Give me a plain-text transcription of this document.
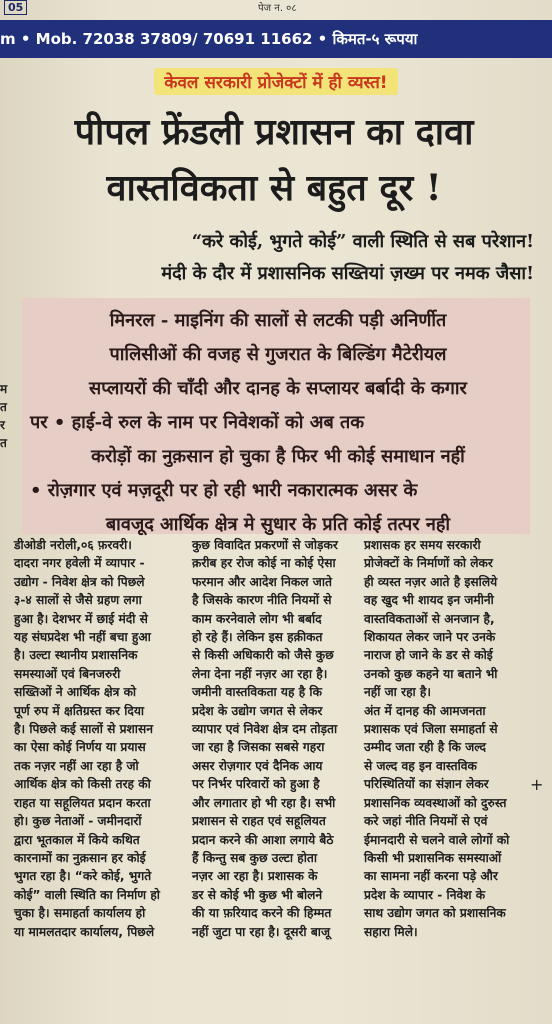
05	पेज न. ०८
m • Mob. 72038 37809/ 70691 11662 • किमत-५ रूपया
केवल सरकारी प्रोजेक्टों में ही व्यस्त!
पीपल फ्रेंडली प्रशासन का दावा
वास्तविकता से बहुत दूर !
“करे कोई, भुगते कोई” वाली स्थिति से सब परेशान!
मंदी के दौर में प्रशासनिक सख्तियां ज़ख्म पर नमक जैसा!
मिनरल - माइनिंग की सालों से लटकी पड़ी अनिर्णीत
पालिसीओं की वजह से गुजरात के बिल्डिंग मैटेरीयल
सप्लायरों की चाँदी और दानह के सप्लायर बर्बादी के कगार
पर • हाई-वे रुल के नाम पर निवेशकों को अब तक
करोड़ों का नुक़सान हो चुका है फिर भी कोई समाधान नहीं
• रोज़गार एवं मज़दूरी पर हो रही भारी नकारात्मक असर के
बावजूद आर्थिक क्षेत्र मे सुधार के प्रति कोई तत्पर नही
म
त
र
त

डीओडी नरोली,०६ फ़रवरी।

दादरा नगर हवेली में व्यापार -

उद्योग - निवेश क्षेत्र को पिछले

३-४ सालों से जैसे ग्रहण लगा

हुआ है। देशभर में छाई मंदी से

यह संघप्रदेश भी नहीं बचा हुआ

है। उल्टा स्थानीय प्रशासनिक

समस्याओं एवं बिनजरुरी

सख्तिओं ने आर्थिक क्षेत्र को

पूर्ण रुप में क्षतिग्रस्त कर दिया

है। पिछले कई सालों से प्रशासन

का ऐसा कोई निर्णय या प्रयास

तक नज़र नहीं आ रहा है जो

आर्थिक क्षेत्र को किसी तरह की

राहत या सहूलियत प्रदान करता

हो। कुछ नेताओं - जमीनदारों

द्वारा भूतकाल में किये कथित

कारनामों का नुक़सान हर कोई

भुगत रहा है। “करे कोई, भुगते

कोई” वाली स्थिति का निर्माण हो

चुका है। समाहर्ता कार्यालय हो

या मामलतदार कार्यालय, पिछले

कुछ विवादित प्रकरणों से जोड़कर

क़रीब हर रोज कोई ना कोई ऐसा

फरमान और आदेश निकल जाते

है जिसके कारण नीति नियमों से

काम करनेवाले लोग भी बर्बाद

हो रहे हैं। लेकिन इस हक़ीकत

से किसी अधिकारी को जैसे कुछ

लेना देना नहीं नज़र आ रहा है।

जमीनी वास्तविकता यह है कि

प्रदेश के उद्योग जगत से लेकर

व्यापार एवं निवेश क्षेत्र दम तोड़ता

जा रहा है जिसका सबसे गहरा

असर रोज़गार एवं दैनिक आय

पर निर्भर परिवारों को हुआ है

और लगातार हो भी रहा है। सभी

प्रशासन से राहत एवं सहूलियत

प्रदान करने की आशा लगाये बैठे

हैं किन्तु सब कुछ उल्टा होता

नज़र आ रहा है। प्रशासक के

डर से कोई भी कुछ भी बोलने

की या फ़रियाद करने की हिम्मत

नहीं जुटा पा रहा है। दूसरी बाजू

प्रशासक हर समय सरकारी

प्रोजेक्टों के निर्माणों को लेकर

ही व्यस्त नज़र आते है इसलिये

वह खुद भी शायद इन जमीनी

वास्तविकताओं से अनजान है,

शिकायत लेकर जाने पर उनके

नाराज हो जाने के डर से कोई

उनको कुछ कहने या बताने भी

नहीं जा रहा है।

अंत में दानह की आमजनता

प्रशासक एवं जिला समाहर्ता से

उम्मीद जता रही है कि जल्द

से जल्द वह इन वास्तविक

परिस्थितियों का संज्ञान लेकर

प्रशासनिक व्यवस्थाओं को दुरुस्त

करे जहां नीति नियमों से एवं

ईमानदारी से चलने वाले लोगों को

किसी भी प्रशासनिक समस्याओं

का सामना नहीं करना पड़े और

प्रदेश के व्यापार - निवेश के

साथ उद्योग जगत को प्रशासनिक

सहारा मिले।

+
